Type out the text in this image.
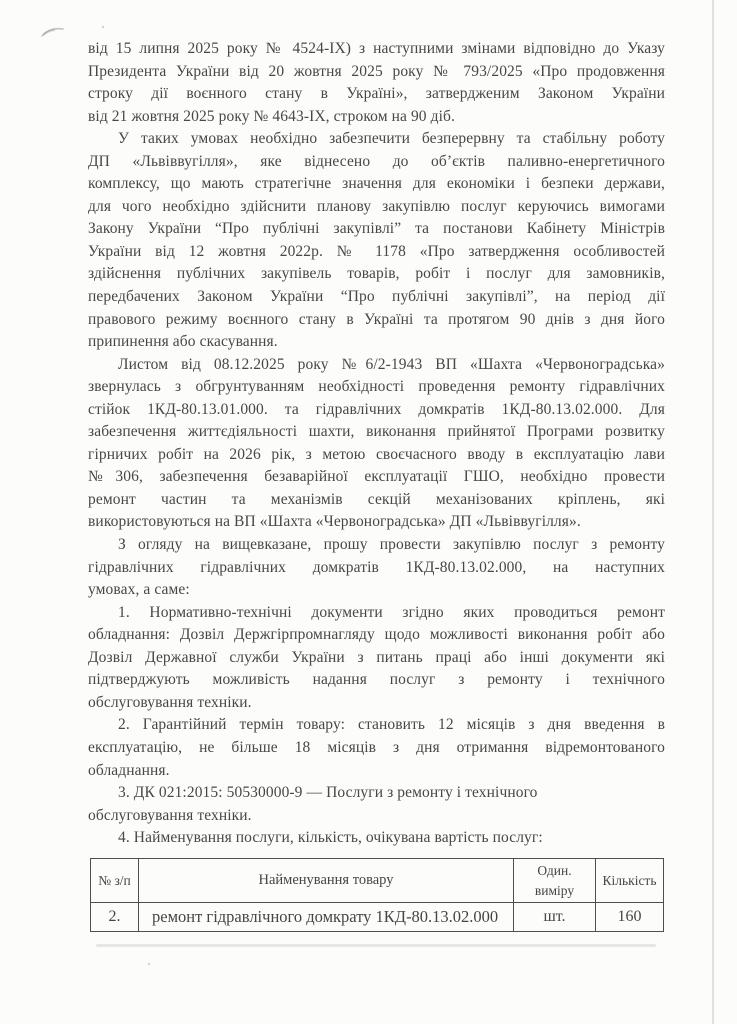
від 15 липня 2025 року № 4524-IX) з наступними змінами відповідно до Указу
Президента України від 20 жовтня 2025 року № 793/2025 «Про продовження
строку дії воєнного стану в Україні», затвердженим Законом України
від 21 жовтня 2025 року № 4643-IX, строком на 90 діб.
У таких умовах необхідно забезпечити безперервну та стабільну роботу
ДП «Львіввугілля», яке віднесено до об’єктів паливно-енергетичного
комплексу, що мають стратегічне значення для економіки і безпеки держави,
для чого необхідно здійснити планову закупівлю послуг керуючись вимогами
Закону України “Про публічні закупівлі” та постанови Кабінету Міністрів
України від 12 жовтня 2022р. № 1178 «Про затвердження особливостей
здійснення публічних закупівель товарів, робіт і послуг для замовників,
передбачених Законом України “Про публічні закупівлі”, на період дії
правового режиму воєнного стану в Україні та протягом 90 днів з дня його
припинення або скасування.
Листом від 08.12.2025 року №6/2-1943 ВП «Шахта «Червоноградська»
звернулась з обгрунтуванням необхідності проведення ремонту гідравлічних
стійок 1КД-80.13.01.000. та гідравлічних домкратів 1КД-80.13.02.000. Для
забезпечення життєдіяльності шахти, виконання прийнятої Програми розвитку
гірничих робіт на 2026 рік, з метою своєчасного вводу в експлуатацію лави
№306, забезпечення безаварійної експлуатації ГШО, необхідно провести
ремонт частин та механізмів секцій механізованих кріплень, які
використовуються на ВП «Шахта «Червоноградська» ДП «Львіввугілля».
З огляду на вищевказане, прошу провести закупівлю послуг з ремонту
гідравлічних гідравлічних домкратів 1КД-80.13.02.000, на наступних
умовах, а саме:
1. Нормативно-технічні документи згідно яких проводиться ремонт
обладнання: Дозвіл Держгірпромнагляду щодо можливості виконання робіт або
Дозвіл Державної служби України з питань праці або інші документи які
підтверджують можливість надання послуг з ремонту і технічного
обслуговування техніки.
2. Гарантійний термін товару: становить 12 місяців з дня введення в
експлуатацію, не більше 18 місяців з дня отримання відремонтованого
обладнання.
3. ДК 021:2015: 50530000-9 — Послуги з ремонту і технічного
обслуговування техніки.
4. Найменування послуги, кількість, очікувана вартість послуг:
№ з/п	Найменування товару	Один. виміру	Кількість
2.	ремонт гідравлічного домкрату 1КД-80.13.02.000	шт.	160
